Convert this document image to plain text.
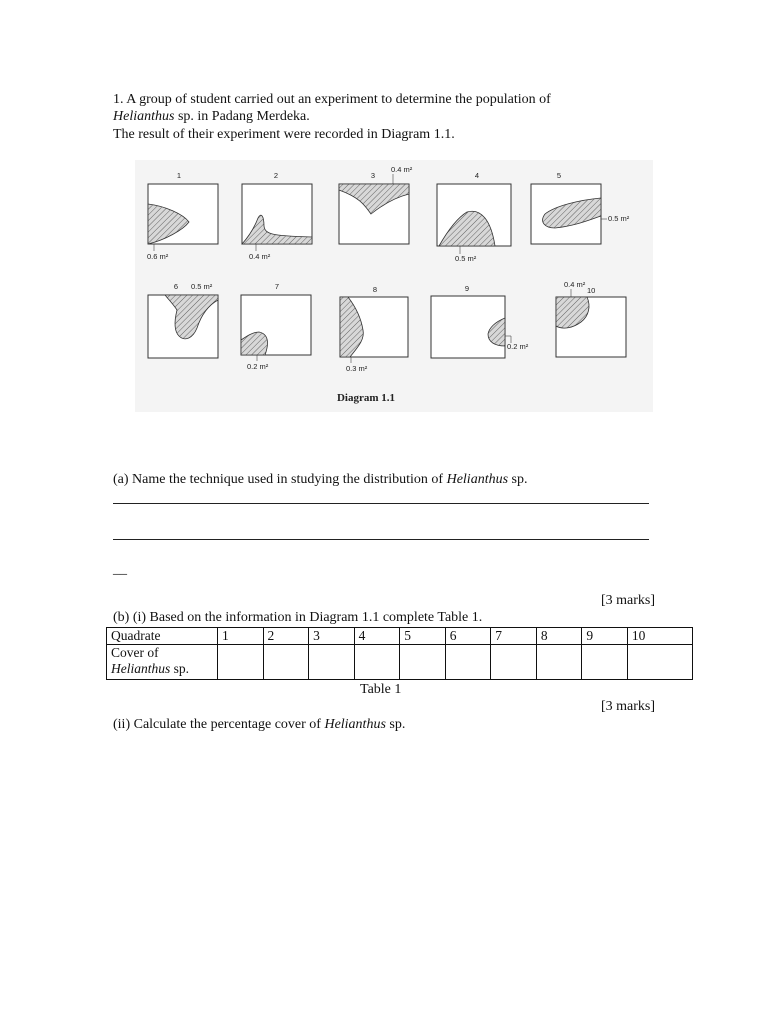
1. A group of student carried out an experiment to determine the population of
Helianthus sp. in Padang Merdeka.
The result of their experiment were recorded in Diagram 1.1.
1
0.6 m²
2
0.4 m²
3
0.4 m²
4
0.5 m²
5
0.5 m²
6 0.5 m²	7
0.2 m²
8
0.3 m²
9
0.2 m²
0.4 m²
10
Diagram 1.1
(a) Name the technique used in studying the distribution of Helianthus sp.
__
[3 marks]
(b) (i) Based on the information in Diagram 1.1 complete Table 1.
Quadrate	1	2	3	4	5	6	7	8	9	10
Cover of
Helianthus sp.										
Table 1
[3 marks]
(ii) Calculate the percentage cover of Helianthus sp.
